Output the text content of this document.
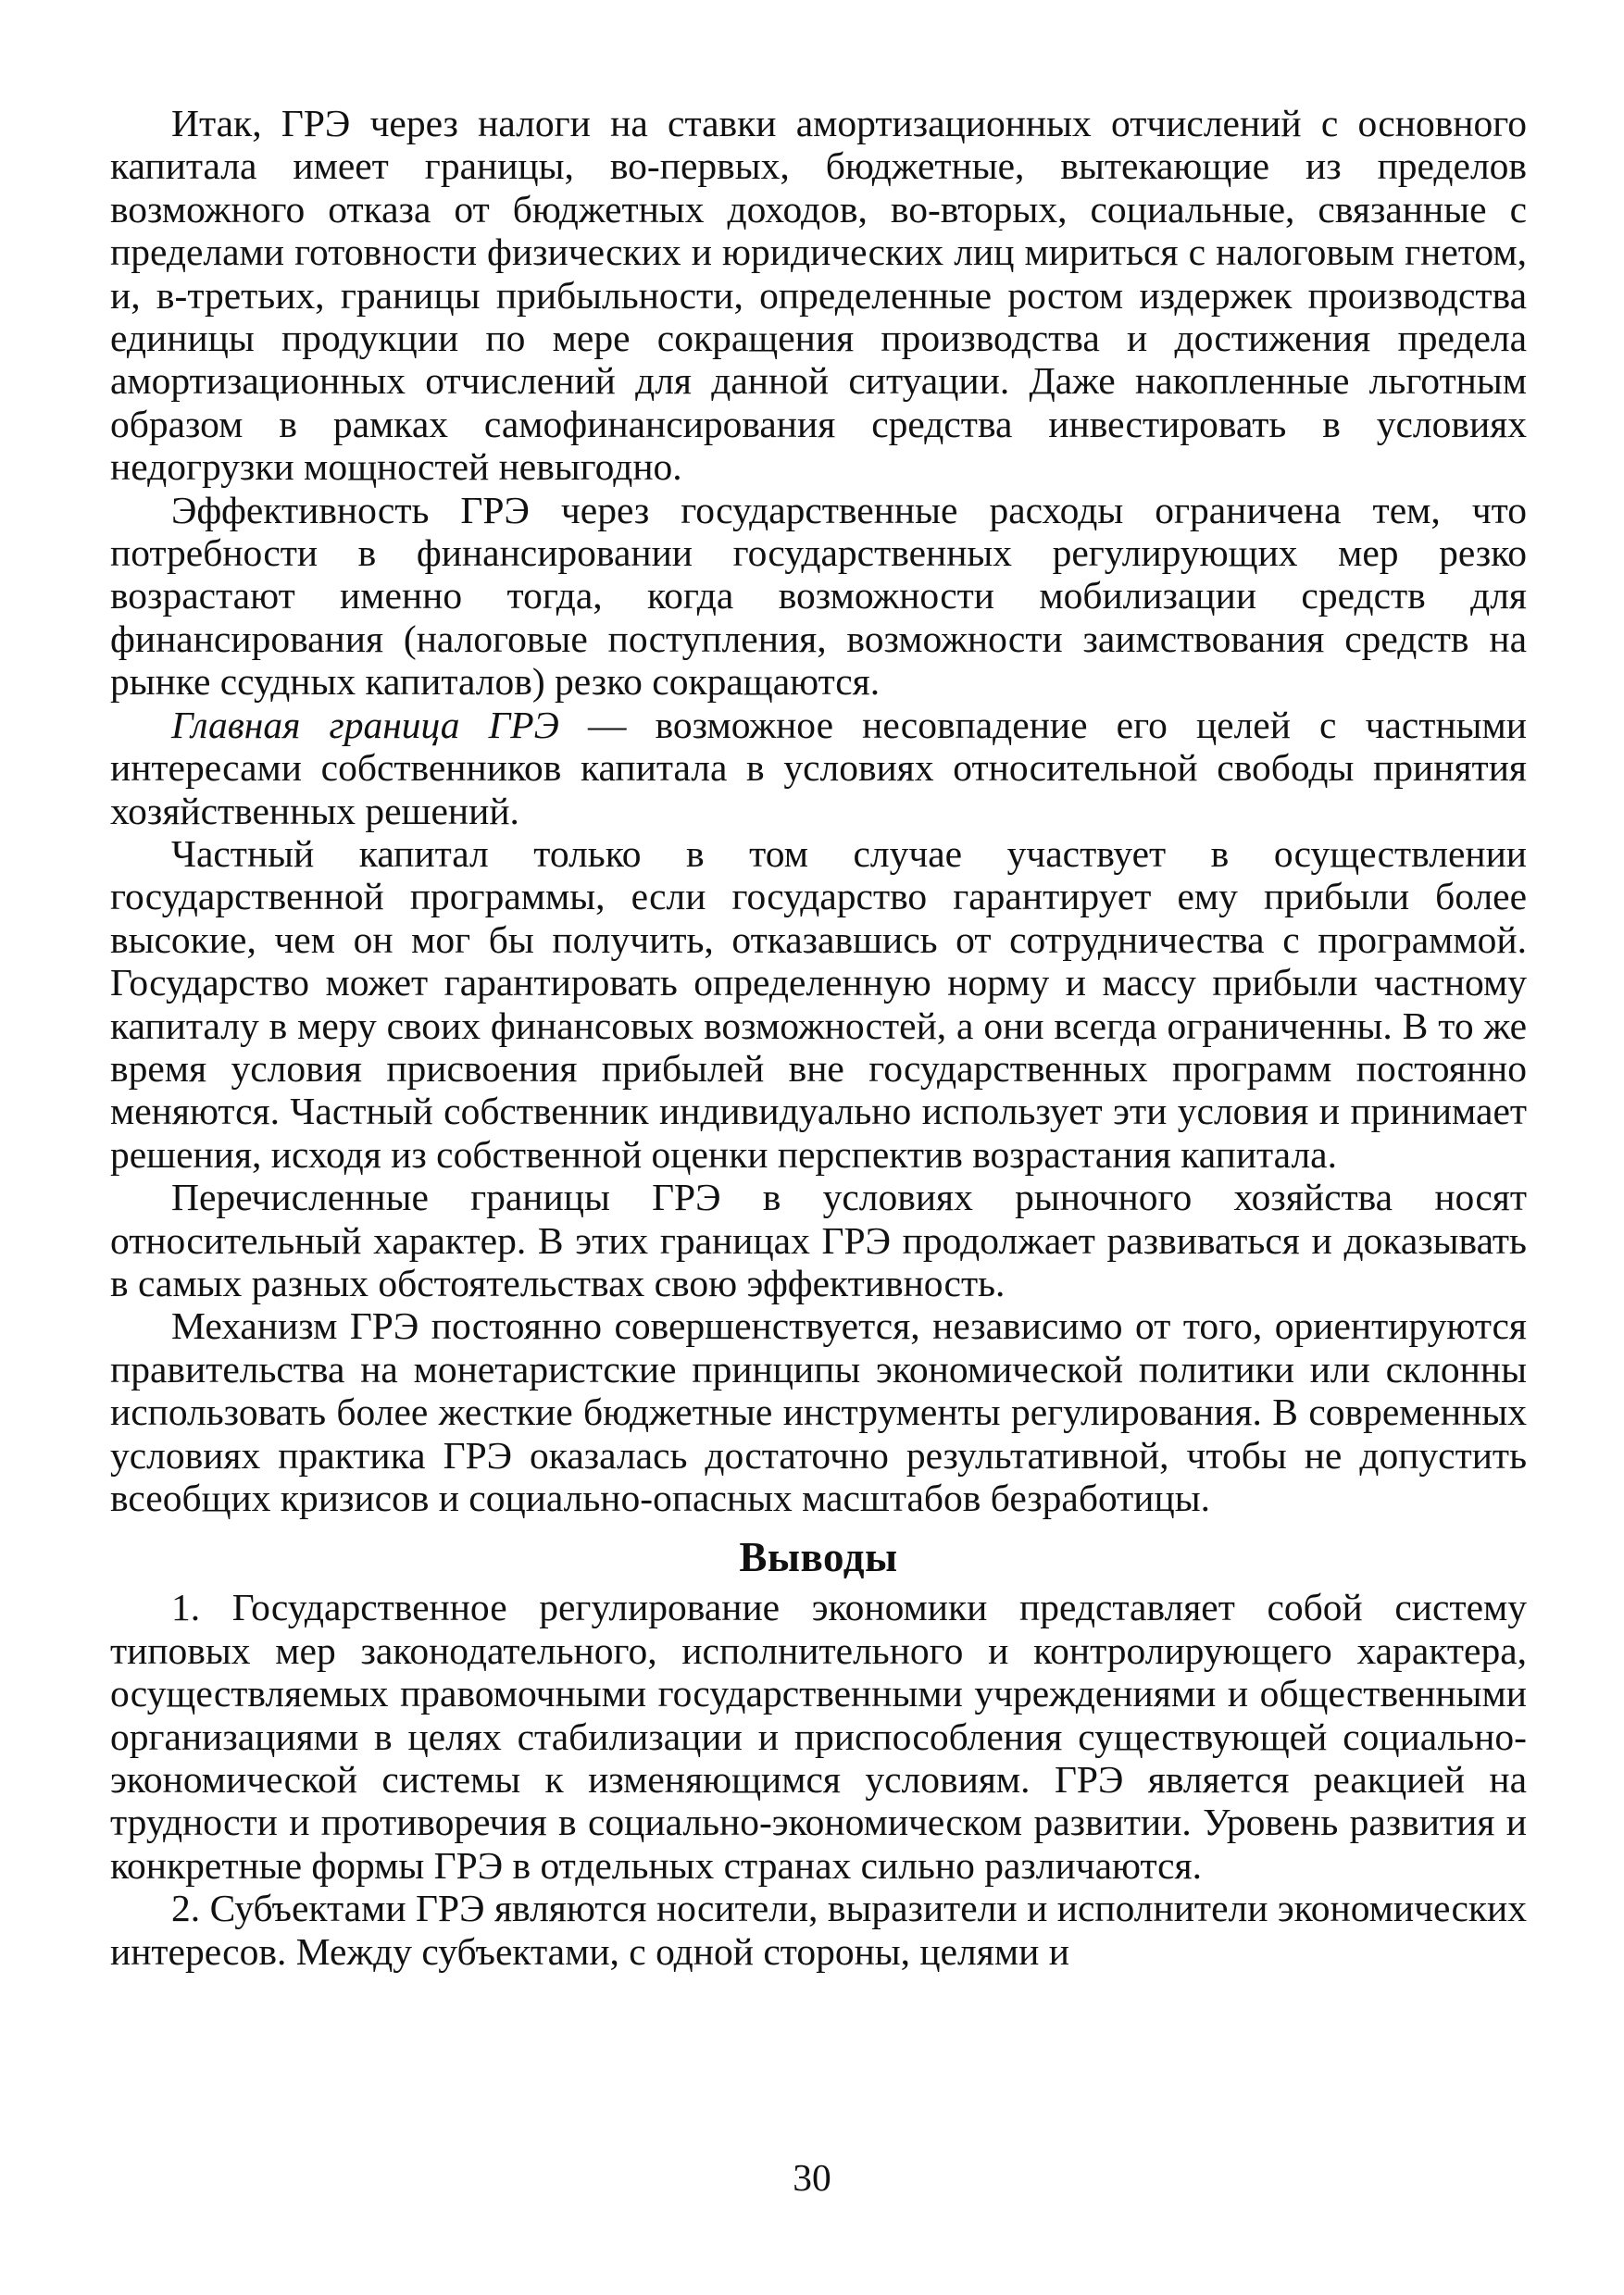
Итак, ГРЭ через налоги на ставки амортизационных отчислений с основного капитала имеет границы, во-первых, бюджетные, вытекающие из пределов возможного отказа от бюджетных доходов, во-вторых, социальные, связанные с пределами готовности физических и юридических лиц мириться с налоговым гнетом, и, в-третьих, границы прибыльности, определенные ростом издержек производства единицы продукции по мере сокращения производства и достижения предела амортизационных отчислений для данной ситуации. Даже накопленные льготным образом в рамках самофинансирования средства инвестировать в условиях недогрузки мощностей невыгодно.

Эффективность ГРЭ через государственные расходы ограничена тем, что потребности в финансировании государственных регулирующих мер резко возрастают именно тогда, когда возможности мобилизации средств для финансирования (налоговые поступления, возможности заимствования средств на рынке ссудных капиталов) резко сокращаются.

Главная граница ГРЭ — возможное несовпадение его целей с частными интересами собственников капитала в условиях относительной свободы принятия хозяйственных решений.

Частный капитал только в том случае участвует в осуществлении государственной программы, если государство гарантирует ему прибыли более высокие, чем он мог бы получить, отказавшись от сотрудничества с программой. Государство может гарантировать определенную норму и массу прибыли частному капиталу в меру своих финансовых возможностей, а они всегда ограниченны. В то же время условия присвоения прибылей вне государственных программ постоянно меняются. Частный собственник индивидуально использует эти условия и принимает решения, исходя из собственной оценки перспектив возрастания капитала.

Перечисленные границы ГРЭ в условиях рыночного хозяйства носят относительный характер. В этих границах ГРЭ продолжает развиваться и доказывать в самых разных обстоятельствах свою эффективность.

Механизм ГРЭ постоянно совершенствуется, независимо от того, ориентируются правительства на монетаристские принципы экономической политики или склонны использовать более жесткие бюджетные инструменты регулирования. В современных условиях практика ГРЭ оказалась достаточно результативной, чтобы не допустить всеобщих кризисов и социально-опасных масштабов безработицы.

Выводы

1. Государственное регулирование экономики представляет собой систему типовых мер законодательного, исполнительного и контролирующего характера, осуществляемых правомочными государственными учреждениями и общественными организациями в целях стабилизации и приспособления существующей социально-экономической системы к изменяющимся условиям. ГРЭ является реакцией на трудности и противоречия в социально-экономическом развитии. Уровень развития и конкретные формы ГРЭ в отдельных странах сильно различаются.

2. Субъектами ГРЭ являются носители, выразители и исполнители экономических интересов. Между субъектами, с одной стороны, целями и

30
